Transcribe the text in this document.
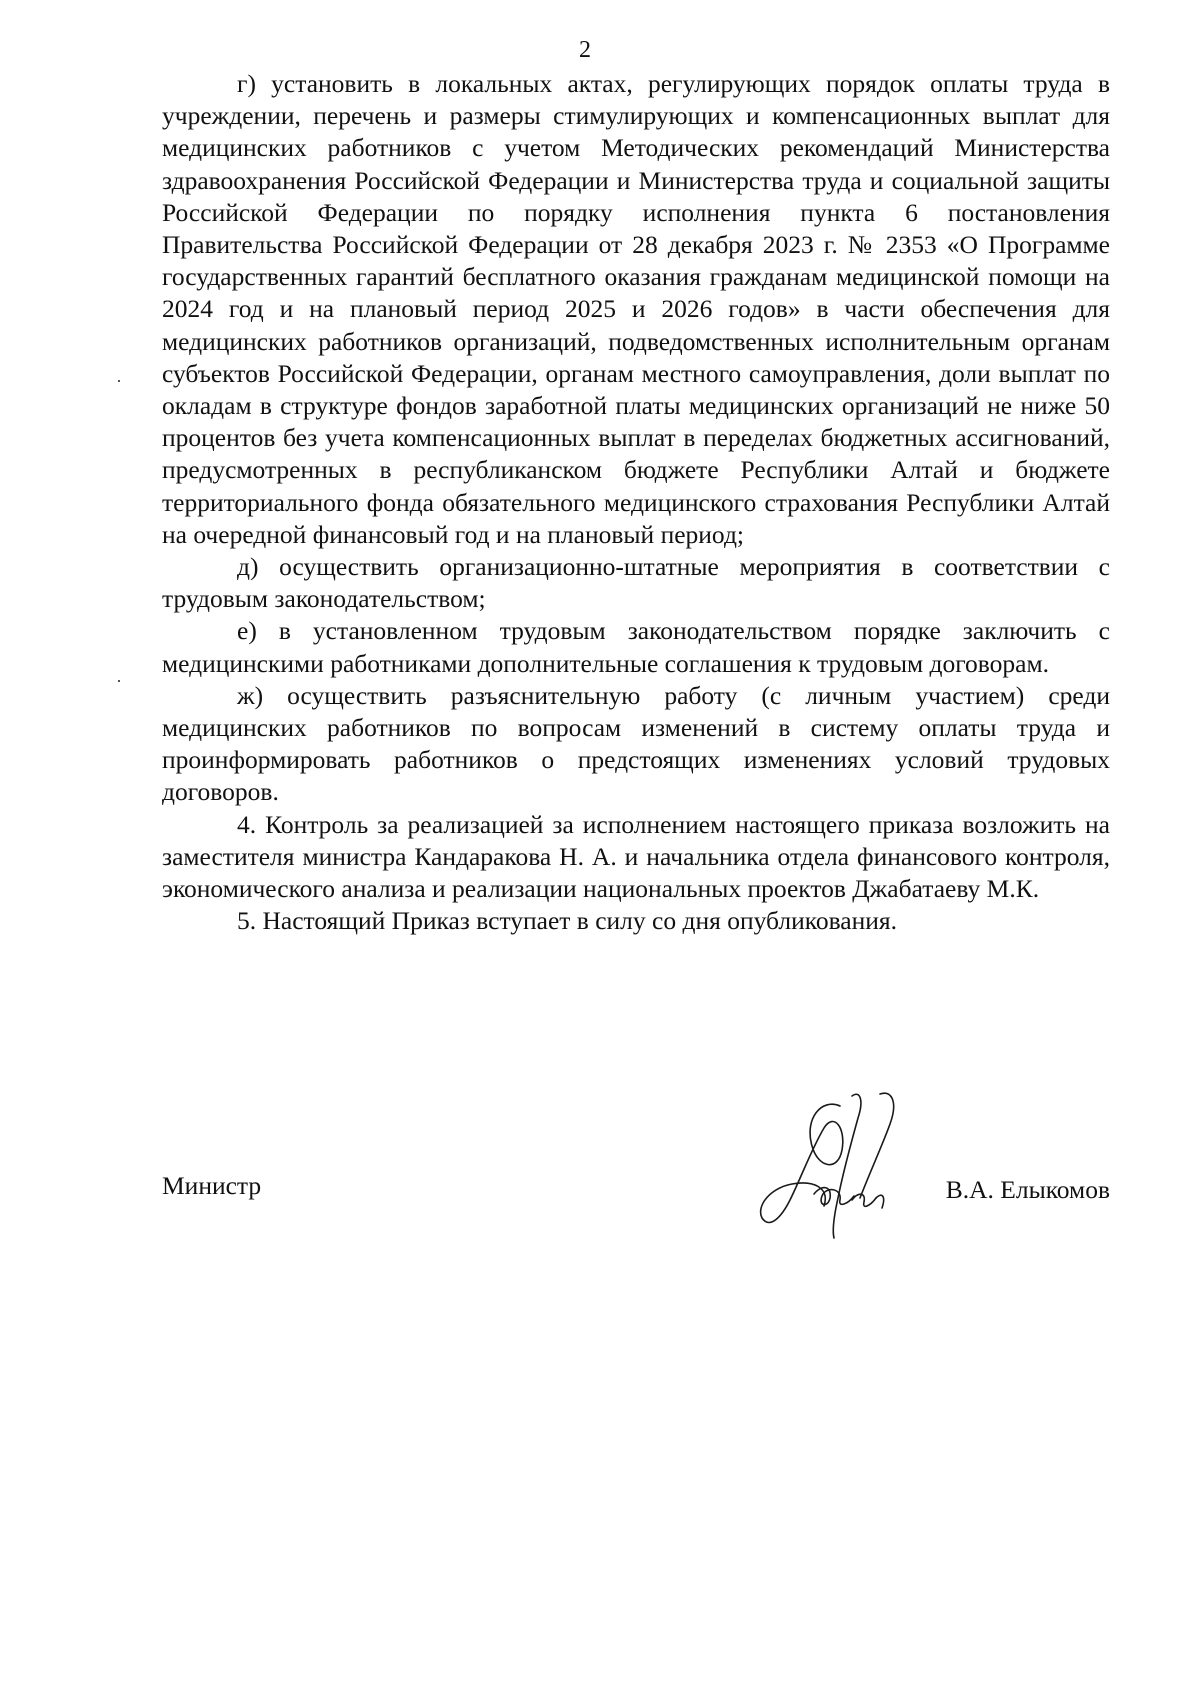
2

г) установить в локальных актах, регулирующих порядок оплаты труда в учреждении, перечень и размеры стимулирующих и компенсационных выплат для медицинских работников с учетом Методических рекомендаций Министерства здравоохранения Российской Федерации и Министерства труда и социальной защиты Российской Федерации по порядку исполнения пункта 6 постановления Правительства Российской Федерации от 28 декабря 2023 г. № 2353 «О Программе государственных гарантий бесплатного оказания гражданам медицинской помощи на 2024 год и на плановый период 2025 и 2026 годов» в части обеспечения для медицинских работников организаций, подведомственных исполнительным органам субъектов Российской Федерации, органам местного самоуправления, доли выплат по окладам в структуре фондов заработной платы медицинских организаций не ниже 50 процентов без учета компенсационных выплат в переделах бюджетных ассигнований, предусмотренных в республиканском бюджете Республики Алтай и бюджете территориального фонда обязательного медицинского страхования Республики Алтай на очередной финансовый год и на плановый период;

д) осуществить организационно-штатные мероприятия в соответствии с трудовым законодательством;

е) в установленном трудовым законодательством порядке заключить с медицинскими работниками дополнительные соглашения к трудовым договорам.

ж) осуществить разъяснительную работу (с личным участием) среди медицинских работников по вопросам изменений в систему оплаты труда и проинформировать работников о предстоящих изменениях условий трудовых договоров.

4. Контроль за реализацией за исполнением настоящего приказа возложить на заместителя министра Кандаракова Н. А. и начальника отдела финансового контроля, экономического анализа и реализации национальных проектов Джабатаеву М.К.

5. Настоящий Приказ вступает в силу со дня опубликования.

Министр	В.А. Елыкомов
